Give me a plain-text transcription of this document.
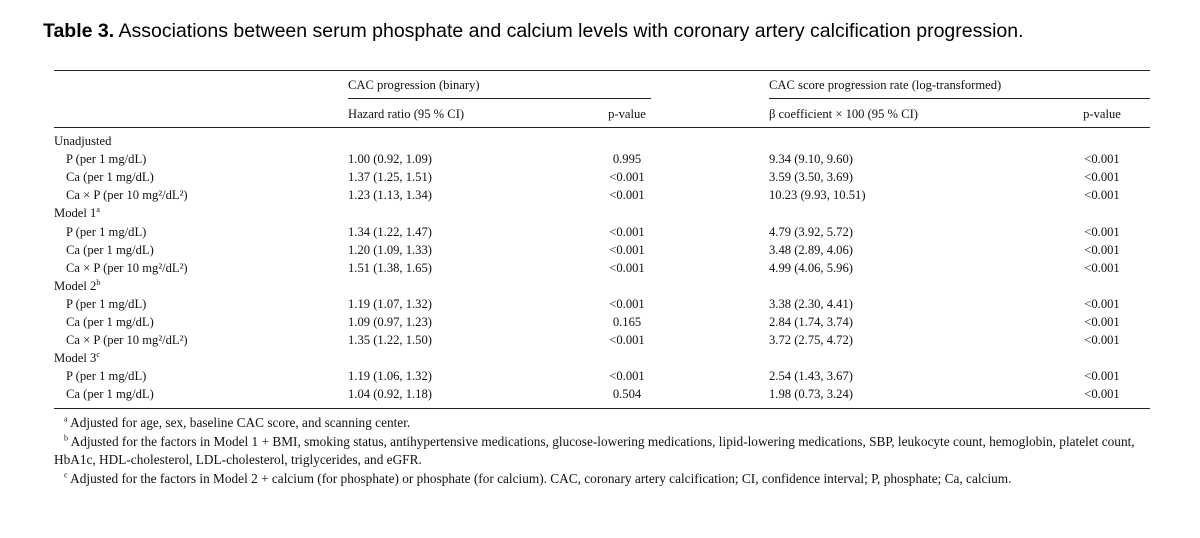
Table 3. Associations between serum phosphate and calcium levels with coronary artery calcification progression.
CAC progression (binary)	CAC score progression rate (log-transformed)
Hazard ratio (95 % CI)	p-value	β coefficient × 100 (95 % CI)	p-value
Unadjusted
P (per 1 mg/dL)	1.00 (0.92, 1.09)	0.995	9.34 (9.10, 9.60)	<0.001
Ca (per 1 mg/dL)	1.37 (1.25, 1.51)	<0.001	3.59 (3.50, 3.69)	<0.001
Ca × P (per 10 mg²/dL²)	1.23 (1.13, 1.34)	<0.001	10.23 (9.93, 10.51)	<0.001
Model 1$^a$
P (per 1 mg/dL)	1.34 (1.22, 1.47)	<0.001	4.79 (3.92, 5.72)	<0.001
Ca (per 1 mg/dL)	1.20 (1.09, 1.33)	<0.001	3.48 (2.89, 4.06)	<0.001
Ca × P (per 10 mg²/dL²)	1.51 (1.38, 1.65)	<0.001	4.99 (4.06, 5.96)	<0.001
Model 2$^b$
P (per 1 mg/dL)	1.19 (1.07, 1.32)	<0.001	3.38 (2.30, 4.41)	<0.001
Ca (per 1 mg/dL)	1.09 (0.97, 1.23)	0.165	2.84 (1.74, 3.74)	<0.001
Ca × P (per 10 mg²/dL²)	1.35 (1.22, 1.50)	<0.001	3.72 (2.75, 4.72)	<0.001
Model 3$^c$
P (per 1 mg/dL)	1.19 (1.06, 1.32)	<0.001	2.54 (1.43, 3.67)	<0.001
Ca (per 1 mg/dL)	1.04 (0.92, 1.18)	0.504	1.98 (0.73, 3.24)	<0.001

$^a$ Adjusted for age, sex, baseline CAC score, and scanning center.

$^b$ Adjusted for the factors in Model 1 + BMI, smoking status, antihypertensive medications, glucose-lowering medications, lipid-lowering medications, SBP, leukocyte count, hemoglobin, platelet count, HbA1c, HDL-cholesterol, LDL-cholesterol, triglycerides, and eGFR.

$^c$ Adjusted for the factors in Model 2 + calcium (for phosphate) or phosphate (for calcium). CAC, coronary artery calcification; CI, confidence interval; P, phosphate; Ca, calcium.
